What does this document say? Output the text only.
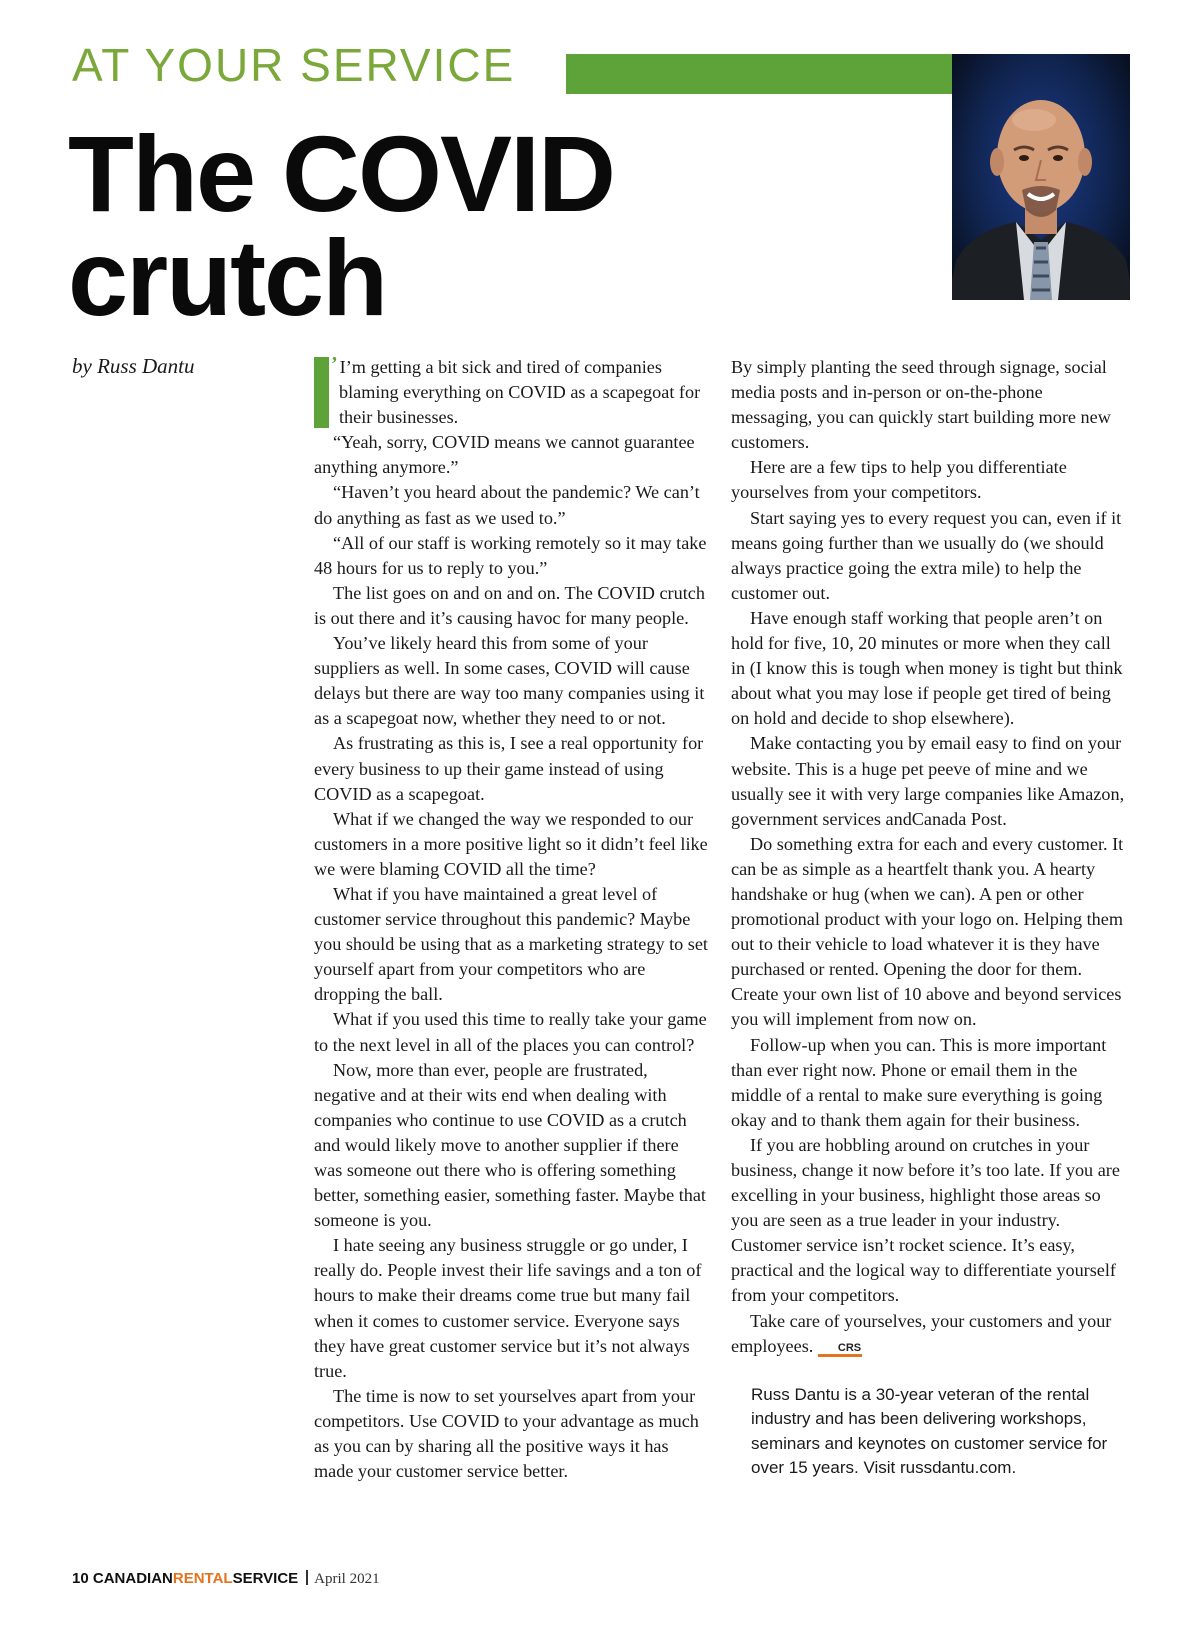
AT YOUR SERVICE
The COVID
crutch
by Russ Dantu	’ I’m getting a bit sick and tired of companies blaming everything on COVID as a scapegoat for their businesses.

“Yeah, sorry, COVID means we cannot guarantee anything anymore.”

“Haven’t you heard about the pandemic? We can’t do anything as fast as we used to.”

“All of our staff is working remotely so it may take 48 hours for us to reply to you.”

The list goes on and on and on. The COVID crutch is out there and it’s causing havoc for many people.

You’ve likely heard this from some of your suppliers as well. In some cases, COVID will cause delays but there are way too many companies using it as a scapegoat now, whether they need to or not.

As frustrating as this is, I see a real opportunity for every business to up their game instead of using COVID as a scapegoat.

What if we changed the way we responded to our customers in a more positive light so it didn’t feel like we were blaming COVID all the time?

What if you have maintained a great level of customer service throughout this pandemic? Maybe you should be using that as a marketing strategy to set yourself apart from your competitors who are dropping the ball.

What if you used this time to really take your game to the next level in all of the places you can control?

Now, more than ever, people are frustrated, negative and at their wits end when dealing with companies who continue to use COVID as a crutch and would likely move to another supplier if there was someone out there who is offering something better, something easier, something faster. Maybe that someone is you.

I hate seeing any business struggle or go under, I really do. People invest their life savings and a ton of hours to make their dreams come true but many fail when it comes to customer service. Everyone says they have great customer service but it’s not always true.

The time is now to set yourselves apart from your competitors. Use COVID to your advantage as much as you can by sharing all the positive ways it has made your customer service better.

By simply planting the seed through signage, social media posts and in-person or on-the-phone messaging, you can quickly start building more new customers.

Here are a few tips to help you differentiate yourselves from your competitors.

Start saying yes to every request you can, even if it means going further than we usually do (we should always practice going the extra mile) to help the customer out.

Have enough staff working that people aren’t on hold for five, 10, 20 minutes or more when they call in (I know this is tough when money is tight but think about what you may lose if people get tired of being on hold and decide to shop elsewhere).

Make contacting you by email easy to find on your website. This is a huge pet peeve of mine and we usually see it with very large companies like Amazon, government services andCanada Post.

Do something extra for each and every customer. It can be as simple as a heartfelt thank you. A hearty handshake or hug (when we can). A pen or other promotional product with your logo on. Helping them out to their vehicle to load whatever it is they have purchased or rented. Opening the door for them. Create your own list of 10 above and beyond services you will implement from now on.

Follow-up when you can. This is more important than ever right now. Phone or email them in the middle of a rental to make sure everything is going okay and to thank them again for their business.

If you are hobbling around on crutches in your business, change it now before it’s too late. If you are excelling in your business, highlight those areas so you are seen as a true leader in your industry. Customer service isn’t rocket science. It’s easy, practical and the logical way to differentiate yourself from your competitors.

Take care of yourselves, your customers and your employees. CRS

Russ Dantu is a 30-year veteran of the rental industry and has been delivering workshops, seminars and keynotes on customer service for over 15 years. Visit russdantu.com.
10 CANADIANRENTALSERVICE April 2021
